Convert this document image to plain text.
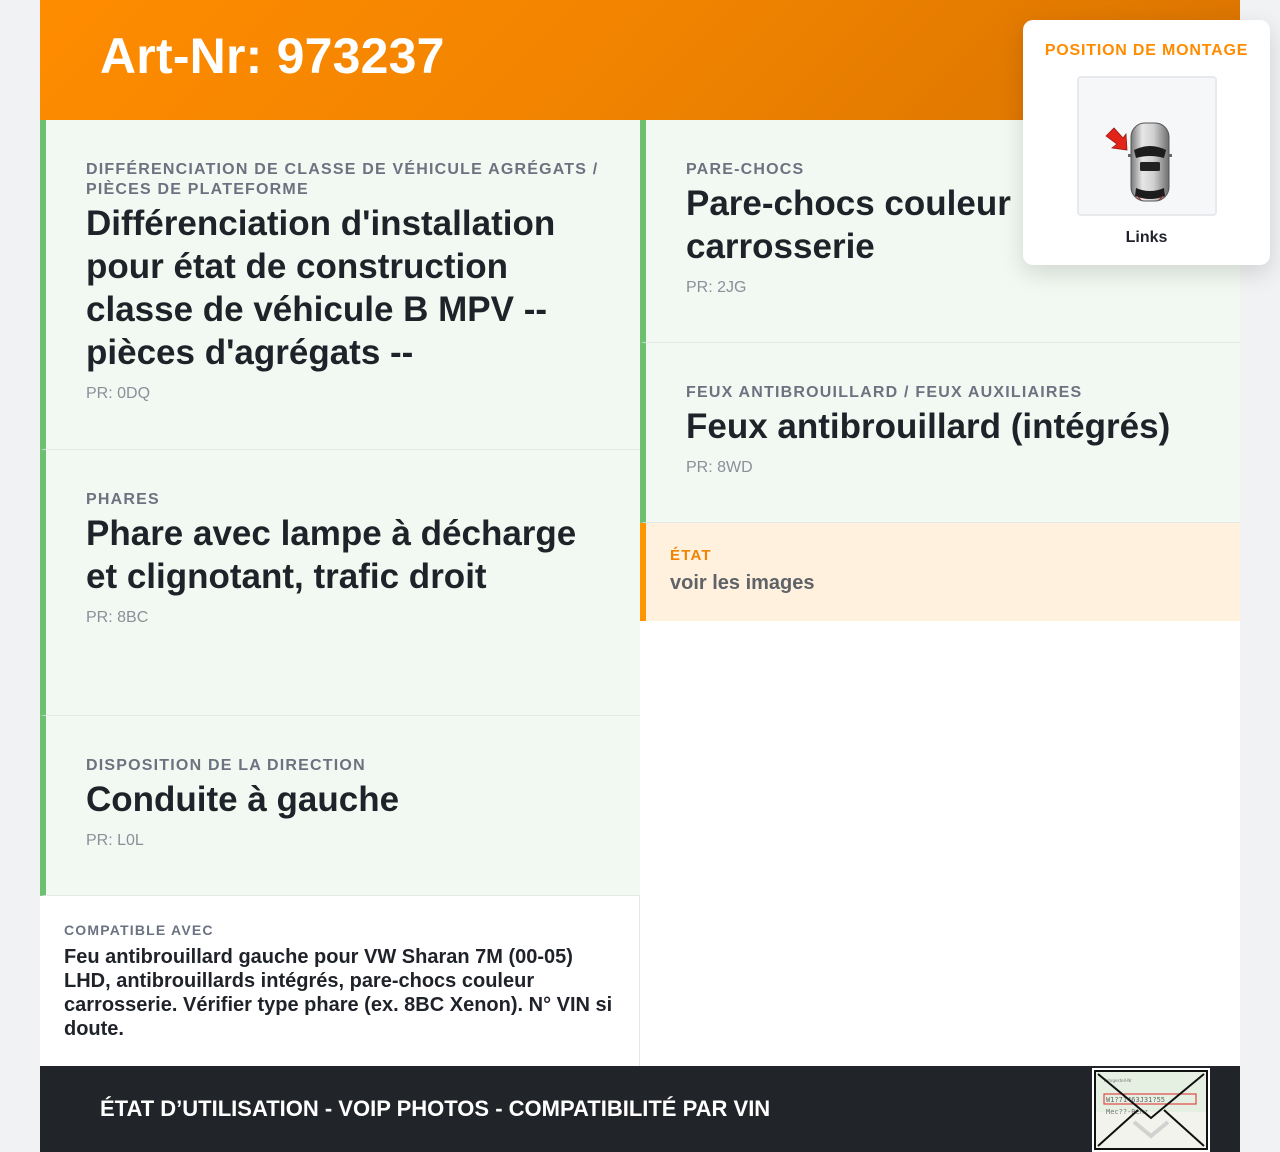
Art-Nr: 973237
DIFFÉRENCIATION DE CLASSE DE VÉHICULE AGRÉGATS / PIÈCES DE PLATEFORME
Différenciation d'installation pour état de construction classe de véhicule B MPV -- pièces d'agrégats --
PR: 0DQ
PHARES
Phare avec lampe à décharge et clignotant, trafic droit
PR: 8BC
DISPOSITION DE LA DIRECTION
Conduite à gauche
PR: L0L
COMPATIBLE AVEC
Feu antibrouillard gauche pour VW Sharan 7M (00-05) LHD, antibrouillards intégrés, pare-chocs couleur carrosserie. Vérifier type phare (ex. 8BC Xenon). N° VIN si doute.
PARE-CHOCS
Pare-chocs couleur carrosserie
PR: 2JG
FEUX ANTIBROUILLARD / FEUX AUXILIAIRES
Feux antibrouillard (intégrés)
PR: 8WD
ÉTAT
voir les images
ÉTAT D’UTILISATION - VOIP PHOTOS - COMPATIBILITÉ PAR VIN
Fahrgestell-Nr
W1?71463J31?55
Mec??-Benz
POSITION DE MONTAGE
Links
